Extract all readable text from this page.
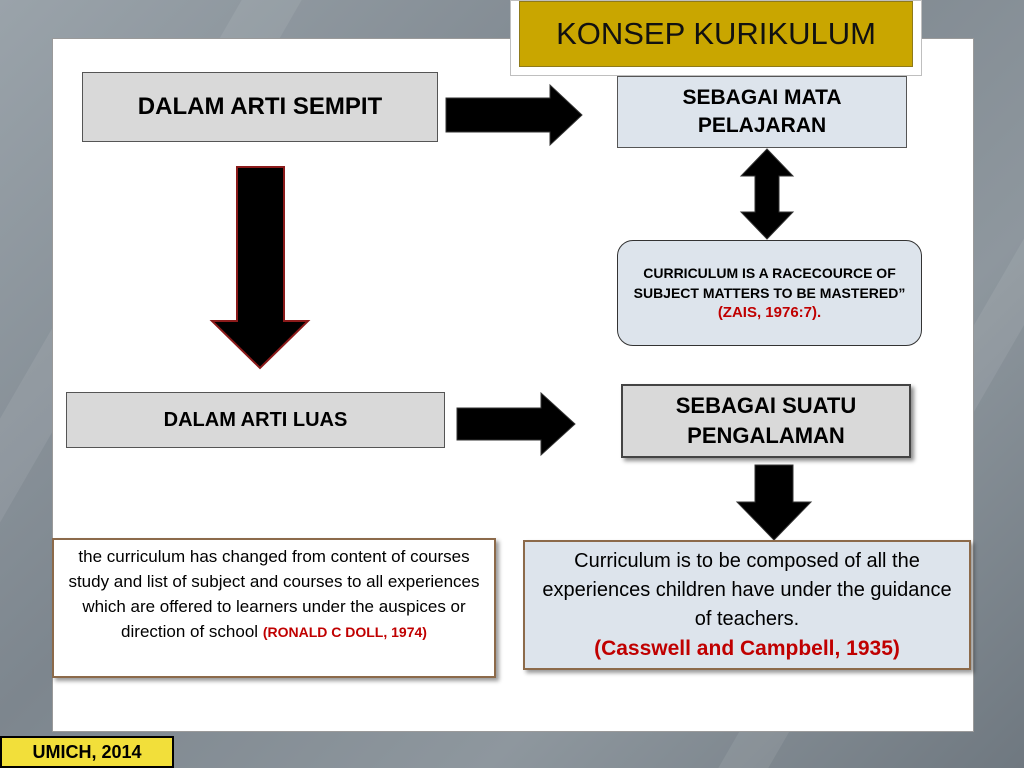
KONSEP KURIKULUM
DALAM ARTI SEMPIT	SEBAGAI MATA PELAJARAN
CURRICULUM IS A RACECOURCE OF SUBJECT MATTERS TO BE MASTERED”
(ZAIS, 1976:7).
DALAM ARTI LUAS
SEBAGAI SUATU PENGALAMAN
the curriculum has changed from content of courses study and list of subject and courses to all experiences which are offered to learners under the auspices or direction of school (RONALD C DOLL, 1974)
Curriculum is to be composed of all the experiences children have under the guidance of teachers.
(Casswell and Campbell, 1935)
UMICH, 2014
